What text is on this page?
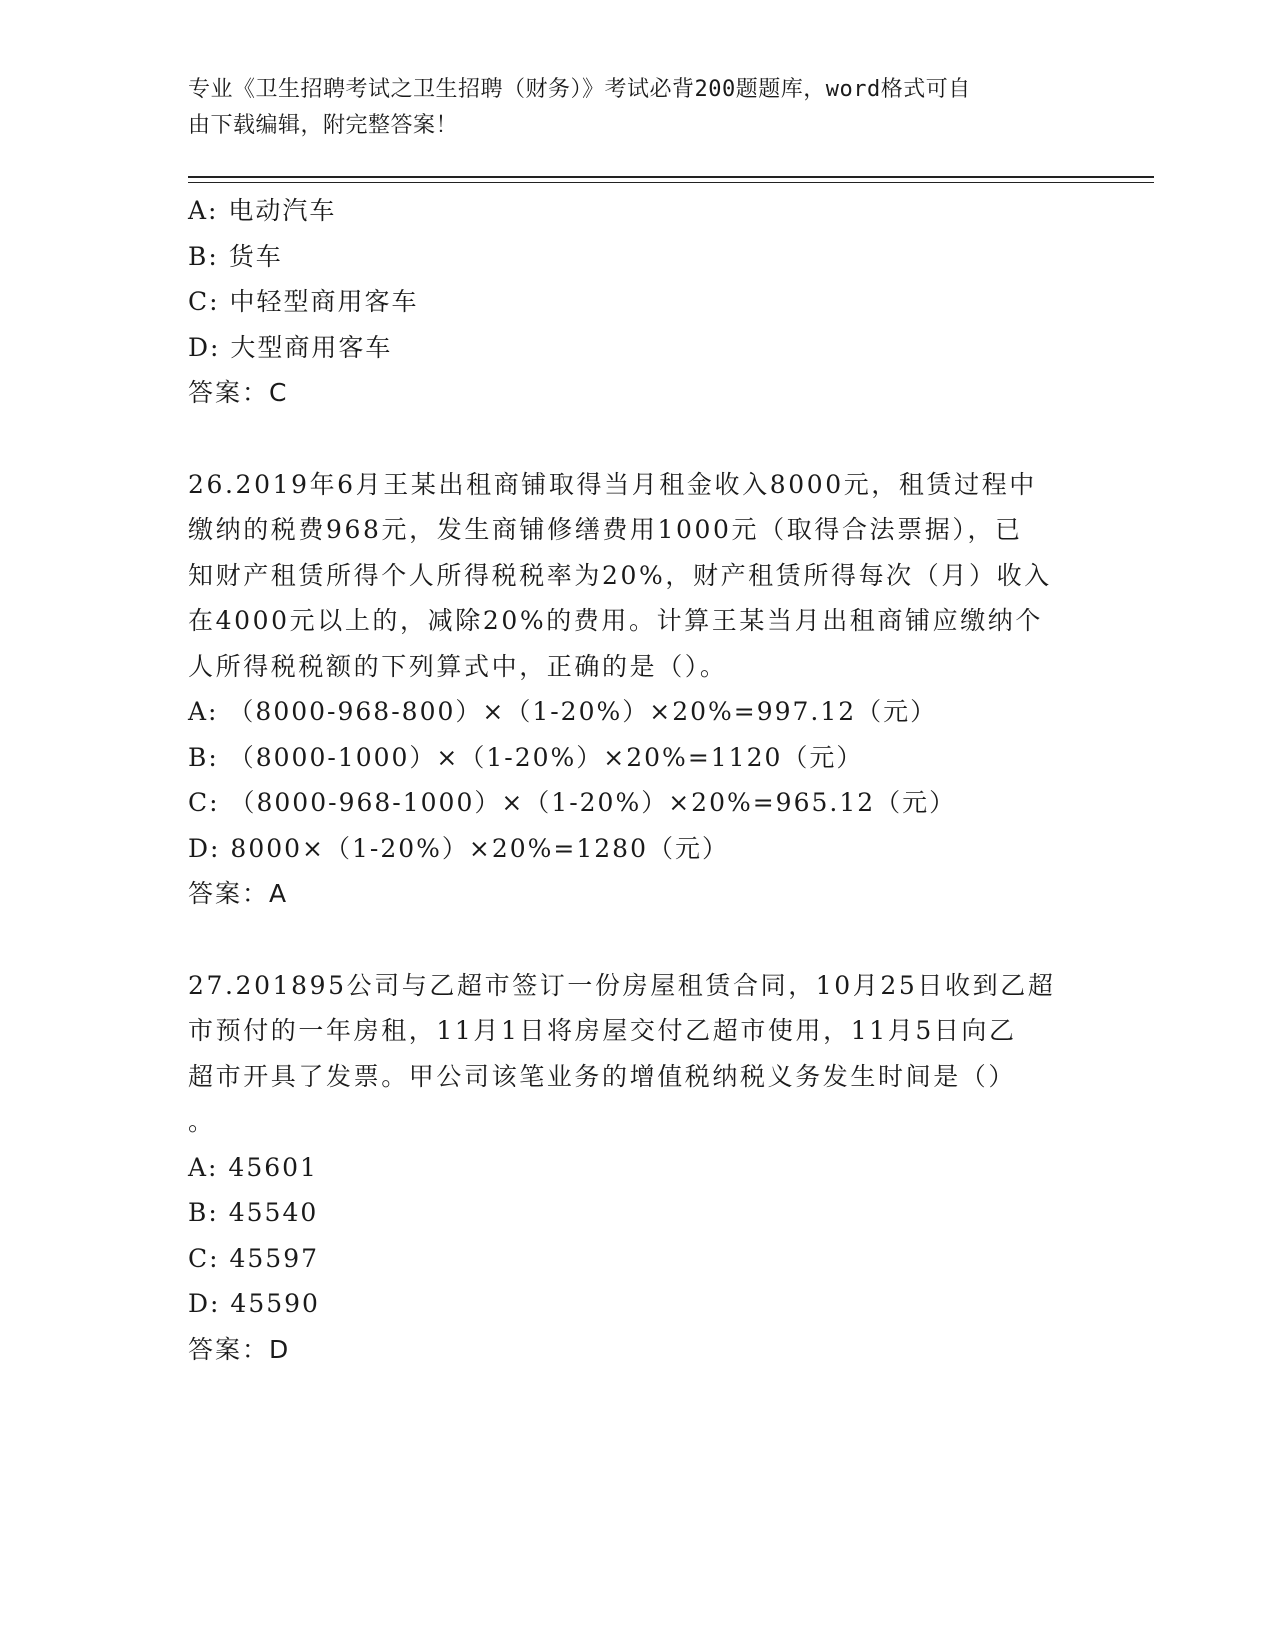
专业《卫生招聘考试之卫生招聘（财务）》考试必背200题题库，word格式可自
由下载编辑，附完整答案！
A: 电动汽车
B: 货车
C: 中轻型商用客车
D: 大型商用客车
答案：C
26.2019年6月王某出租商铺取得当月租金收入8000元，租赁过程中
缴纳的税费968元，发生商铺修缮费用1000元（取得合法票据），已
知财产租赁所得个人所得税税率为20%，财产租赁所得每次（月）收入
在4000元以上的，减除20%的费用。计算王某当月出租商铺应缴纳个
人所得税税额的下列算式中，正确的是（）。
A: （8000-968-800）×（1-20%）×20%=997.12（元）
B: （8000-1000）×（1-20%）×20%=1120（元）
C: （8000-968-1000）×（1-20%）×20%=965.12（元）
D: 8000×（1-20%）×20%=1280（元）
答案：A
27.201895公司与乙超市签订一份房屋租赁合同，10月25日收到乙超
市预付的一年房租，11月1日将房屋交付乙超市使用，11月5日向乙
超市开具了发票。甲公司该笔业务的增值税纳税义务发生时间是（）
。
A: 45601
B: 45540
C: 45597
D: 45590
答案：D
